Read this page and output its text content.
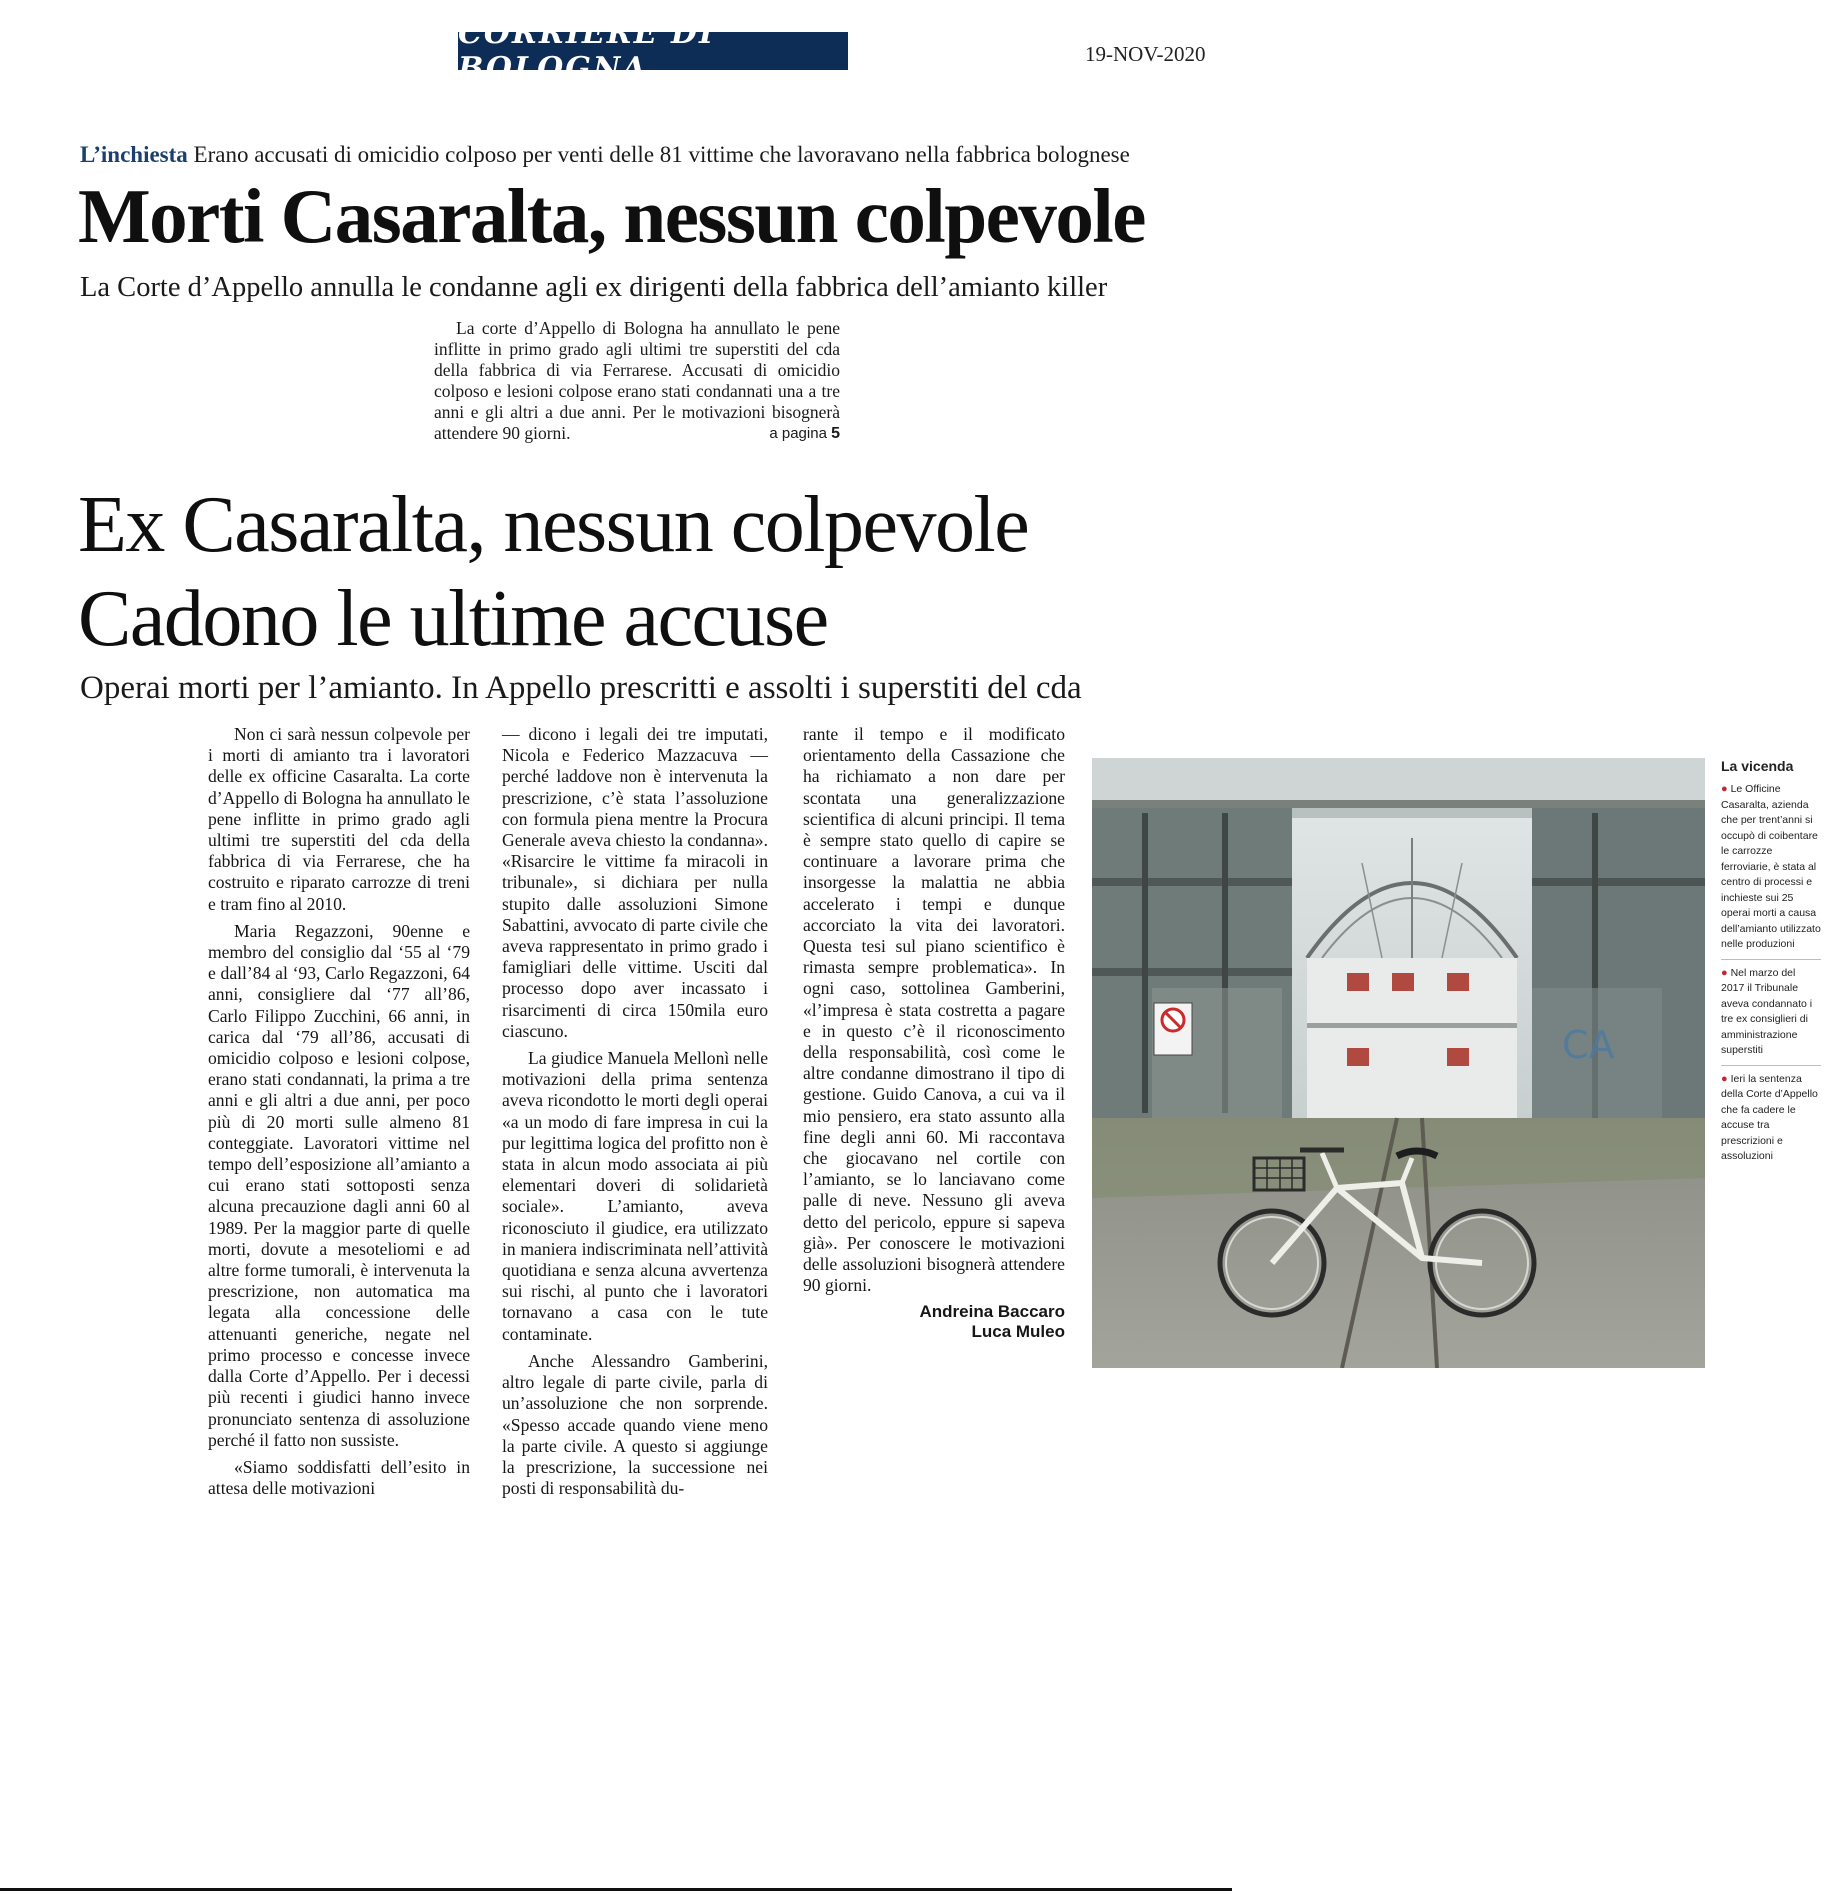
CORRIERE DI BOLOGNA	19-NOV-2020
L’inchiesta Erano accusati di omicidio colposo per venti delle 81 vittime che lavoravano nella fabbrica bolognese
Morti Casaralta, nessun colpevole
La Corte d’Appello annulla le condanne agli ex dirigenti della fabbrica dell’amianto killer

La corte d’Appello di Bologna ha annullato le pene inflitte in primo grado agli ultimi tre superstiti del cda della fabbrica di via Ferrarese. Accusati di omicidio colposo e lesioni colpose erano stati condannati una a tre anni e gli altri a due anni. Per le motivazioni bisognerà attendere 90 giorni.	a pagina 5
Ex Casaralta, nessun colpevole
Cadono le ultime accuse
Operai morti per l’amianto. In Appello prescritti e assolti i superstiti del cda

Non ci sarà nessun colpevole per i morti di amianto tra i lavoratori delle ex officine Casaralta. La corte d’Appello di Bologna ha annullato le pene inflitte in primo grado agli ultimi tre superstiti del cda della fabbrica di via Ferrarese, che ha costruito e riparato carrozze di treni e tram fino al 2010.

Maria Regazzoni, 90enne e membro del consiglio dal ‘55 al ‘79 e dall’84 al ‘93, Carlo Regazzoni, 64 anni, consigliere dal ‘77 all’86, Carlo Filippo Zucchini, 66 anni, in carica dal ‘79 all’86, accusati di omicidio colposo e lesioni colpose, erano stati condannati, la prima a tre anni e gli altri a due anni, per poco più di 20 morti sulle almeno 81 conteggiate. Lavoratori vittime nel tempo dell’esposizione all’amianto a cui erano stati sottoposti senza alcuna precauzione dagli anni 60 al 1989. Per la maggior parte di quelle morti, dovute a mesoteliomi e ad altre forme tumorali, è intervenuta la prescrizione, non automatica ma legata alla concessione delle attenuanti generiche, negate nel primo processo e concesse invece dalla Corte d’Appello. Per i decessi più recenti i giudici hanno invece pronunciato sentenza di assoluzione perché il fatto non sussiste.

«Siamo soddisfatti dell’esito in attesa delle motivazioni

— dicono i legali dei tre imputati, Nicola e Federico Mazzacuva — perché laddove non è intervenuta la prescrizione, c’è stata l’assoluzione con formula piena mentre la Procura Generale aveva chiesto la condanna». «Risarcire le vittime fa miracoli in tribunale», si dichiara per nulla stupito dalle assoluzioni Simone Sabattini, avvocato di parte civile che aveva rappresentato in primo grado i famigliari delle vittime. Usciti dal processo dopo aver incassato i risarcimenti di circa 150mila euro ciascuno.

La giudice Manuela Mellonì nelle motivazioni della prima sentenza aveva ricondotto le morti degli operai «a un modo di fare impresa in cui la pur legittima logica del profitto non è stata in alcun modo associata ai più elementari doveri di solidarietà sociale». L’amianto, aveva riconosciuto il giudice, era utilizzato in maniera indiscriminata nell’attività quotidiana e senza alcuna avvertenza sui rischi, al punto che i lavoratori tornavano a casa con le tute contaminate.

Anche Alessandro Gamberini, altro legale di parte civile, parla di un’assoluzione che non sorprende. «Spesso accade quando viene meno la parte civile. A questo si aggiunge la prescrizione, la successione nei posti di responsabilità du-

rante il tempo e il modificato orientamento della Cassazione che ha richiamato a non dare per scontata una generalizzazione scientifica di alcuni principi. Il tema è sempre stato quello di capire se continuare a lavorare prima che insorgesse la malattia ne abbia accelerato i tempi e dunque accorciato la vita dei lavoratori. Questa tesi sul piano scientifico è rimasta sempre problematica». In ogni caso, sottolinea Gamberini, «l’impresa è stata costretta a pagare e in questo c’è il riconoscimento della responsabilità, così come le altre condanne dimostrano il tipo di gestione. Guido Canova, a cui va il mio pensiero, era stato assunto alla fine degli anni 60. Mi raccontava che giocavano nel cortile con l’amianto, se lo lanciavano come palle di neve. Nessuno gli aveva detto del pericolo, eppure si sapeva già». Per conoscere le motivazioni delle assoluzioni bisognerà attendere 90 giorni.

Andreina Baccaro
Luca Muleo
CA
La vicenda
● Le Officine Casaralta, azienda che per trent’anni si occupò di coibentare le carrozze ferroviarie, è stata al centro di processi e inchieste sui 25 operai morti a causa dell’amianto utilizzato nelle produzioni
● Nel marzo del 2017 il Tribunale aveva condannato i tre ex consiglieri di amministrazione superstiti
● Ieri la sentenza della Corte d’Appello che fa cadere le accuse tra prescrizioni e assoluzioni
